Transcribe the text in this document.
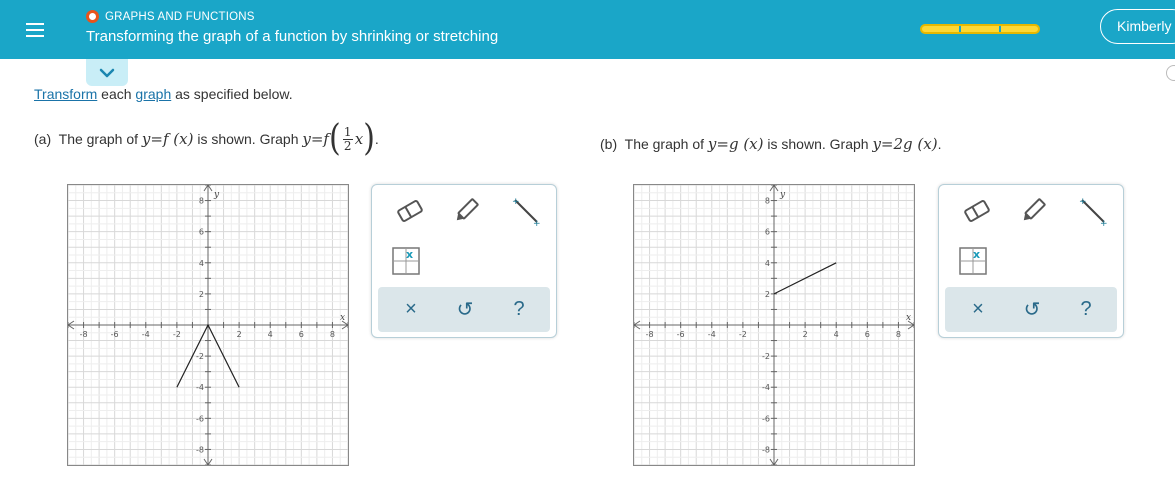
GRAPHS AND FUNCTIONS
Transforming the graph of a function by shrinking or stretching
Kimberly
Transform each graph as specified below.
(a)  The graph of y=f (x) is shown. Graph y=f ( $\frac{1}{2}$ x ) .	(b)  The graph of y=g (x) is shown. Graph y=2g (x) .
-8	-6	-4	-2	2	4	6	8
8
6
4
2
-2
-4
-6
-8
x
y
+
+
x
×	↺	?
-8	-6	-4	-2	2	4	6	8
8
6
4
2
-2
-4
-6
-8
x
y
+
+
x
×	↺	?
